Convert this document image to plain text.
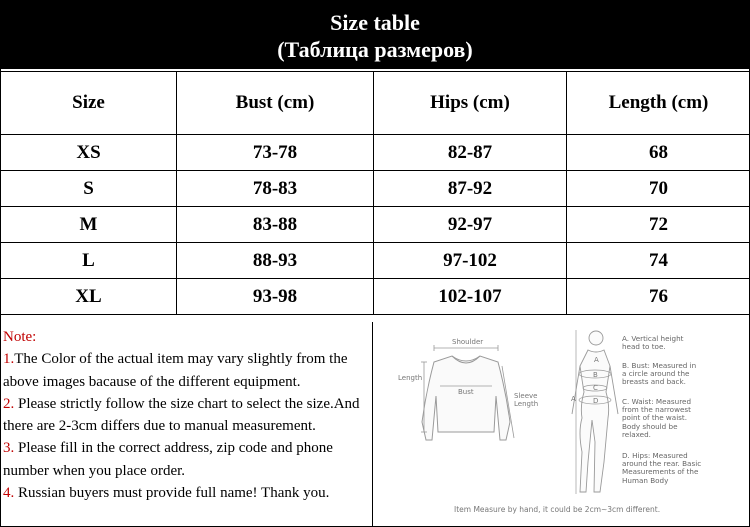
Size table
(Таблица размеров)
Size	Bust (cm)	Hips (cm)	Length (cm)
XS	73-78	82-87	68
S	78-83	87-92	70
M	83-88	92-97	72
L	88-93	97-102	74
XL	93-98	102-107	76
Note:
1.The Color of the actual item may vary slightly from the above images bacause of the different equipment.
2. Please strictly follow the size chart to select the size.And there are 2-3cm differs due to manual measurement.
3. Please fill in the correct address, zip code and phone number when you place order.
4. Russian buyers must provide full name! Thank you.
Shoulder
Length
Bust	Sleeve
Length
A
A
B
C
D
A. Vertical height head to toe.
B. Bust: Measured in a circle around the breasts and back.
C. Waist: Measured from the narrowest point of the waist. Body should be relaxed.
D. Hips: Measured around the rear. Basic Measurements of the Human Body
Item Measure by hand, it could be 2cm~3cm different.
